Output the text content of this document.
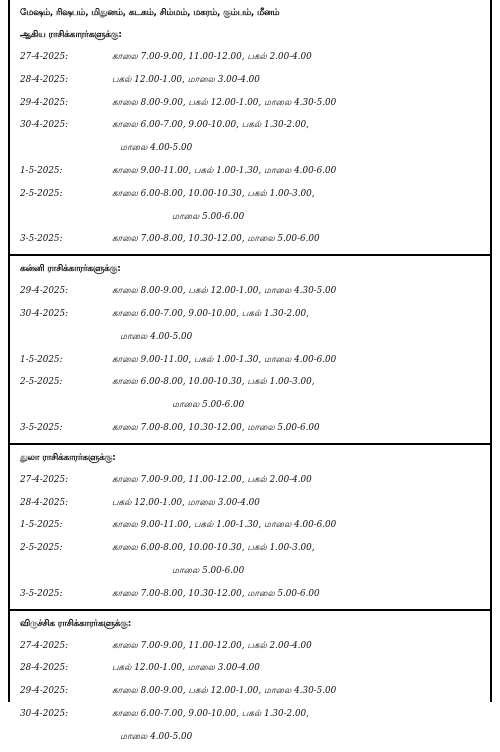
மேஷம், ரிஷபம், மிதுனம், கடகம், சிம்மம், மகரம், கும்பம், மீனம்
ஆகிய ராசிக்காரர்களுக்கு:
27-4-2025:	காலை 7.00-9.00, 11.00-12.00, பகல் 2.00-4.00
28-4-2025:	பகல் 12.00-1.00, மாலை 3.00-4.00
29-4-2025:	காலை 8.00-9.00, பகல் 12.00-1.00, மாலை 4.30-5.00
30-4-2025:	காலை 6.00-7.00, 9.00-10.00, பகல் 1.30-2.00,
மாலை 4.00-5.00
1-5-2025:	காலை 9.00-11.00, பகல் 1.00-1.30, மாலை 4.00-6.00
2-5-2025:	காலை 6.00-8.00, 10.00-10.30, பகல் 1.00-3.00,
மாலை 5.00-6.00
3-5-2025:	காலை 7.00-8.00, 10.30-12.00, மாலை 5.00-6.00
கன்னி ராசிக்காரர்களுக்கு:
29-4-2025:	காலை 8.00-9.00, பகல் 12.00-1.00, மாலை 4.30-5.00
30-4-2025:	காலை 6.00-7.00, 9.00-10.00, பகல் 1.30-2.00,
மாலை 4.00-5.00
1-5-2025:	காலை 9.00-11.00, பகல் 1.00-1.30, மாலை 4.00-6.00
2-5-2025:	காலை 6.00-8.00, 10.00-10.30, பகல் 1.00-3.00,
மாலை 5.00-6.00
3-5-2025:	காலை 7.00-8.00, 10.30-12.00, மாலை 5.00-6.00
துலா ராசிக்காரர்களுக்கு:
27-4-2025:	காலை 7.00-9.00, 11.00-12.00, பகல் 2.00-4.00
28-4-2025:	பகல் 12.00-1.00, மாலை 3.00-4.00
1-5-2025:	காலை 9.00-11.00, பகல் 1.00-1.30, மாலை 4.00-6.00
2-5-2025:	காலை 6.00-8.00, 10.00-10.30, பகல் 1.00-3.00,
மாலை 5.00-6.00
3-5-2025:	காலை 7.00-8.00, 10.30-12.00, மாலை 5.00-6.00
விருச்சிக ராசிக்காரர்களுக்கு:
27-4-2025:	காலை 7.00-9.00, 11.00-12.00, பகல் 2.00-4.00
28-4-2025:	பகல் 12.00-1.00, மாலை 3.00-4.00
29-4-2025:	காலை 8.00-9.00, பகல் 12.00-1.00, மாலை 4.30-5.00
30-4-2025:	காலை 6.00-7.00, 9.00-10.00, பகல் 1.30-2.00,
மாலை 4.00-5.00
